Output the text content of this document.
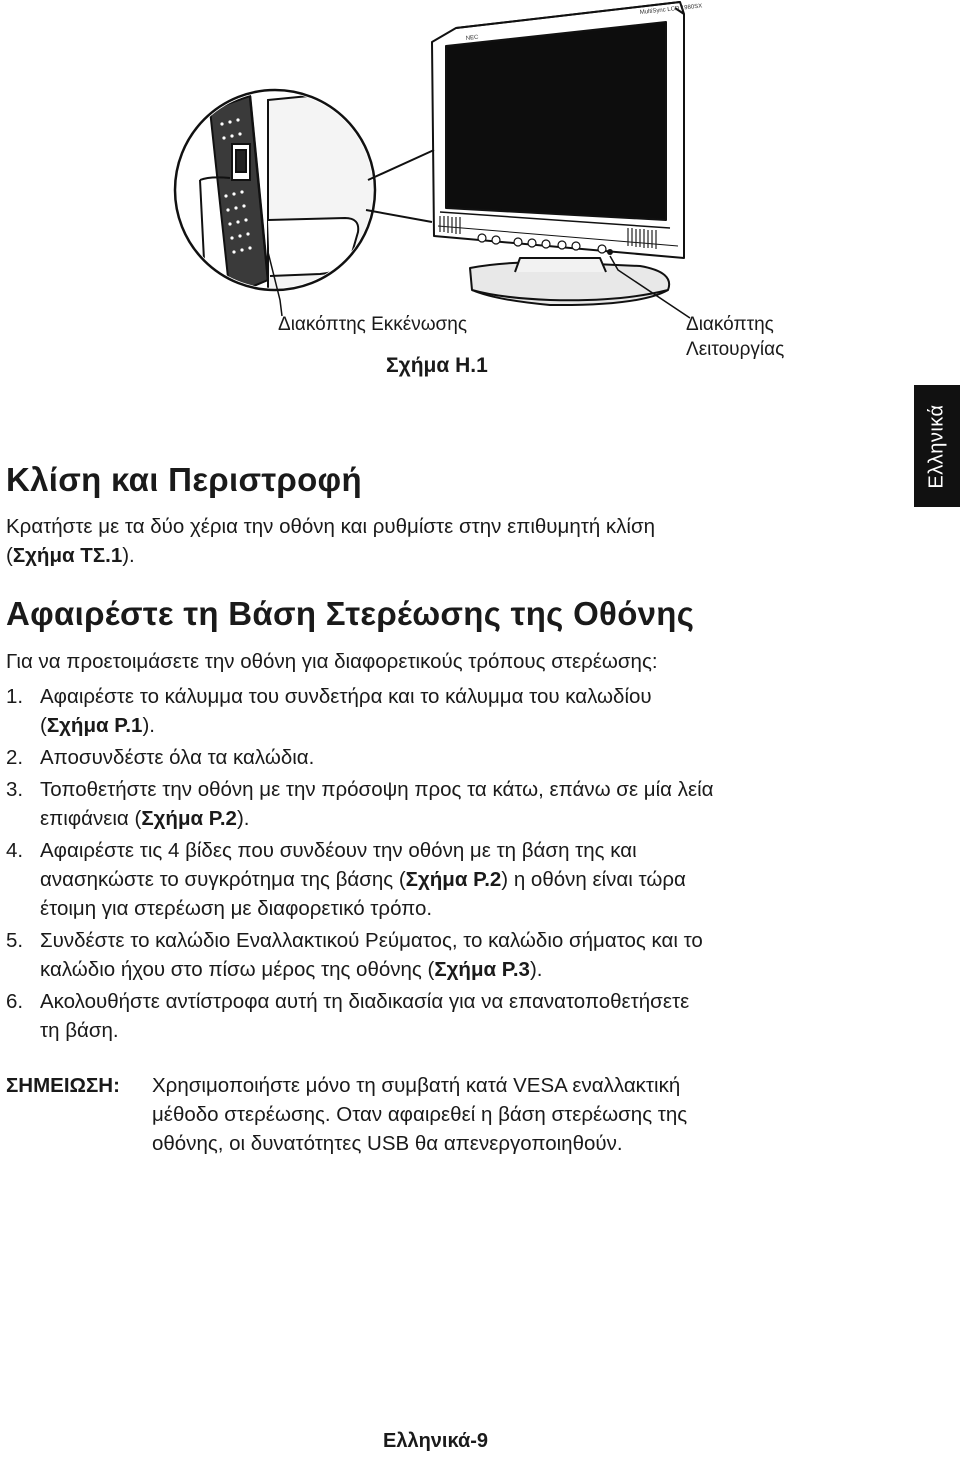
MultiSync LCD 1980SX
NEC
Διακόπτης Εκκένωσης	Διακόπτης
Λειτουργίας
Σχήμα Η.1
Ελληνικά
Κλίση και Περιστροφή
Κρατήστε με τα δύο χέρια την οθόνη και ρυθμίστε στην επιθυμητή κλίση
(Σχήμα ΤΣ.1).
Αφαιρέστε τη Βάση Στερέωσης της Οθόνης
Για να προετοιμάσετε την οθόνη για διαφορετικούς τρόπους στερέωσης:
1. Αφαιρέστε το κάλυμμα του συνδετήρα και το κάλυμμα του καλωδίου
(Σχήμα Ρ.1).
2. Αποσυνδέστε όλα τα καλώδια.
3. Τοποθετήστε την οθόνη με την πρόσοψη προς τα κάτω, επάνω σε μία λεία
επιφάνεια (Σχήμα Ρ.2).
4. Αφαιρέστε τις 4 βίδες που συνδέουν την οθόνη με τη βάση της και
ανασηκώστε το συγκρότημα της βάσης (Σχήμα Ρ.2) η οθόνη είναι τώρα
έτοιμη για στερέωση με διαφορετικό τρόπο.
5. Συνδέστε το καλώδιο Εναλλακτικού Ρεύματος, το καλώδιο σήματος και το
καλώδιο ήχου στο πίσω μέρος της οθόνης (Σχήμα Ρ.3).
6. Ακολουθήστε αντίστροφα αυτή τη διαδικασία για να επανατοποθετήσετε
τη βάση.
ΣΗΜΕΙΩΣΗ:	Χρησιμοποιήστε μόνο τη συμβατή κατά VESA εναλλακτική
μέθοδο στερέωσης. Οταν αφαιρεθεί η βάση στερέωσης της
οθόνης, οι δυνατότητες USB θα απενεργοποιηθούν.
Ελληνικά-9
